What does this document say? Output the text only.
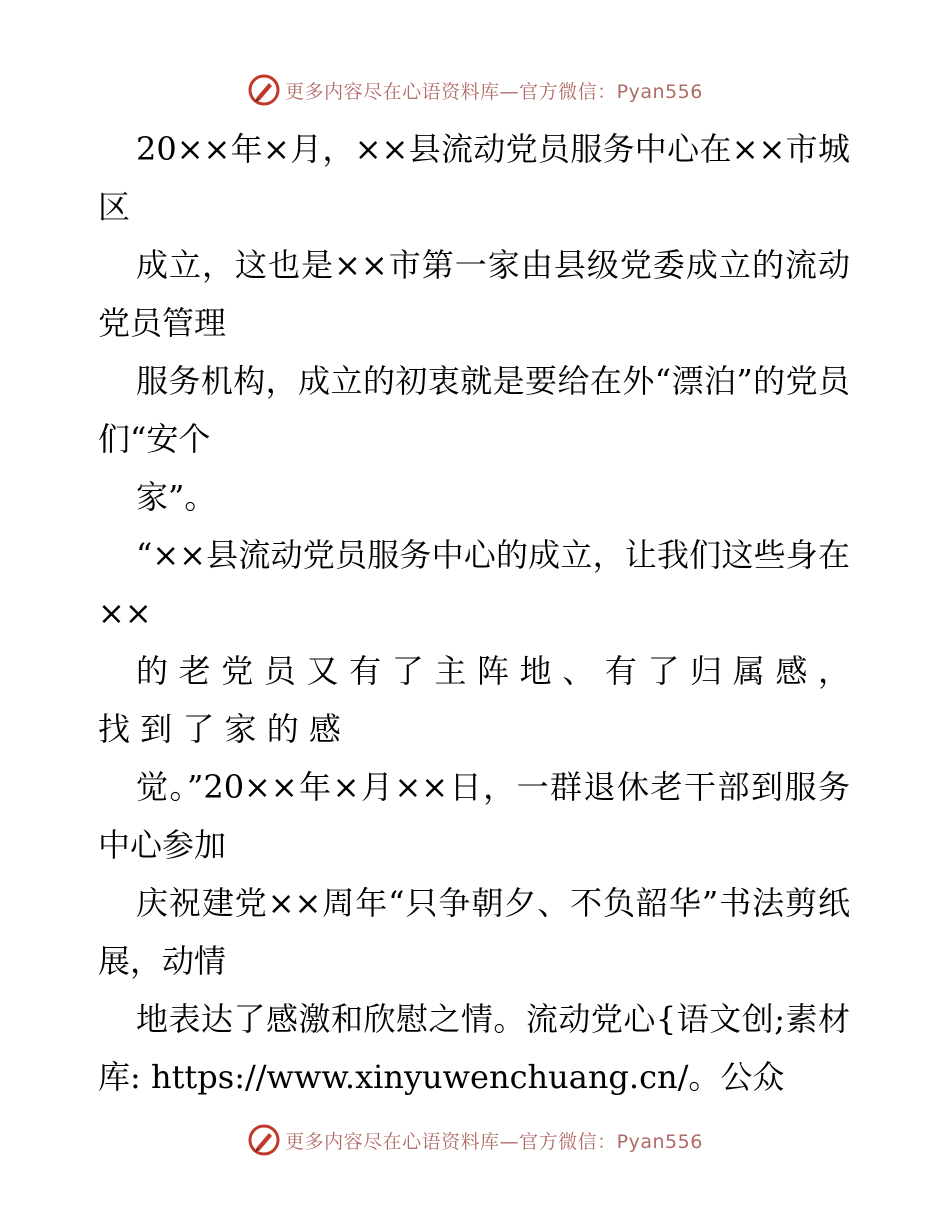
更多内容尽在心语资料库—官方微信：Pyan556

20××年×月，××县流动党员服务中心在××市城区

成立，这也是××市第一家由县级党委成立的流动党员管理

服务机构，成立的初衷就是要给在外“漂泊”的党员们“安个

家”。

“××县流动党员服务中心的成立，让我们这些身在××

的 老 党 员 又 有 了 主 阵 地 、 有 了 归 属 感 ， 找 到 了 家 的 感

觉。”20××年×月××日，一群退休老干部到服务中心参加

庆祝建党××周年“只争朝夕、不负韶华”书法剪纸展，动情

地表达了感激和欣慰之情。流动党心{语文创;素材库: https://www.xinyuwenchuang.cn/。公众

更多内容尽在心语资料库—官方微信：Pyan556
